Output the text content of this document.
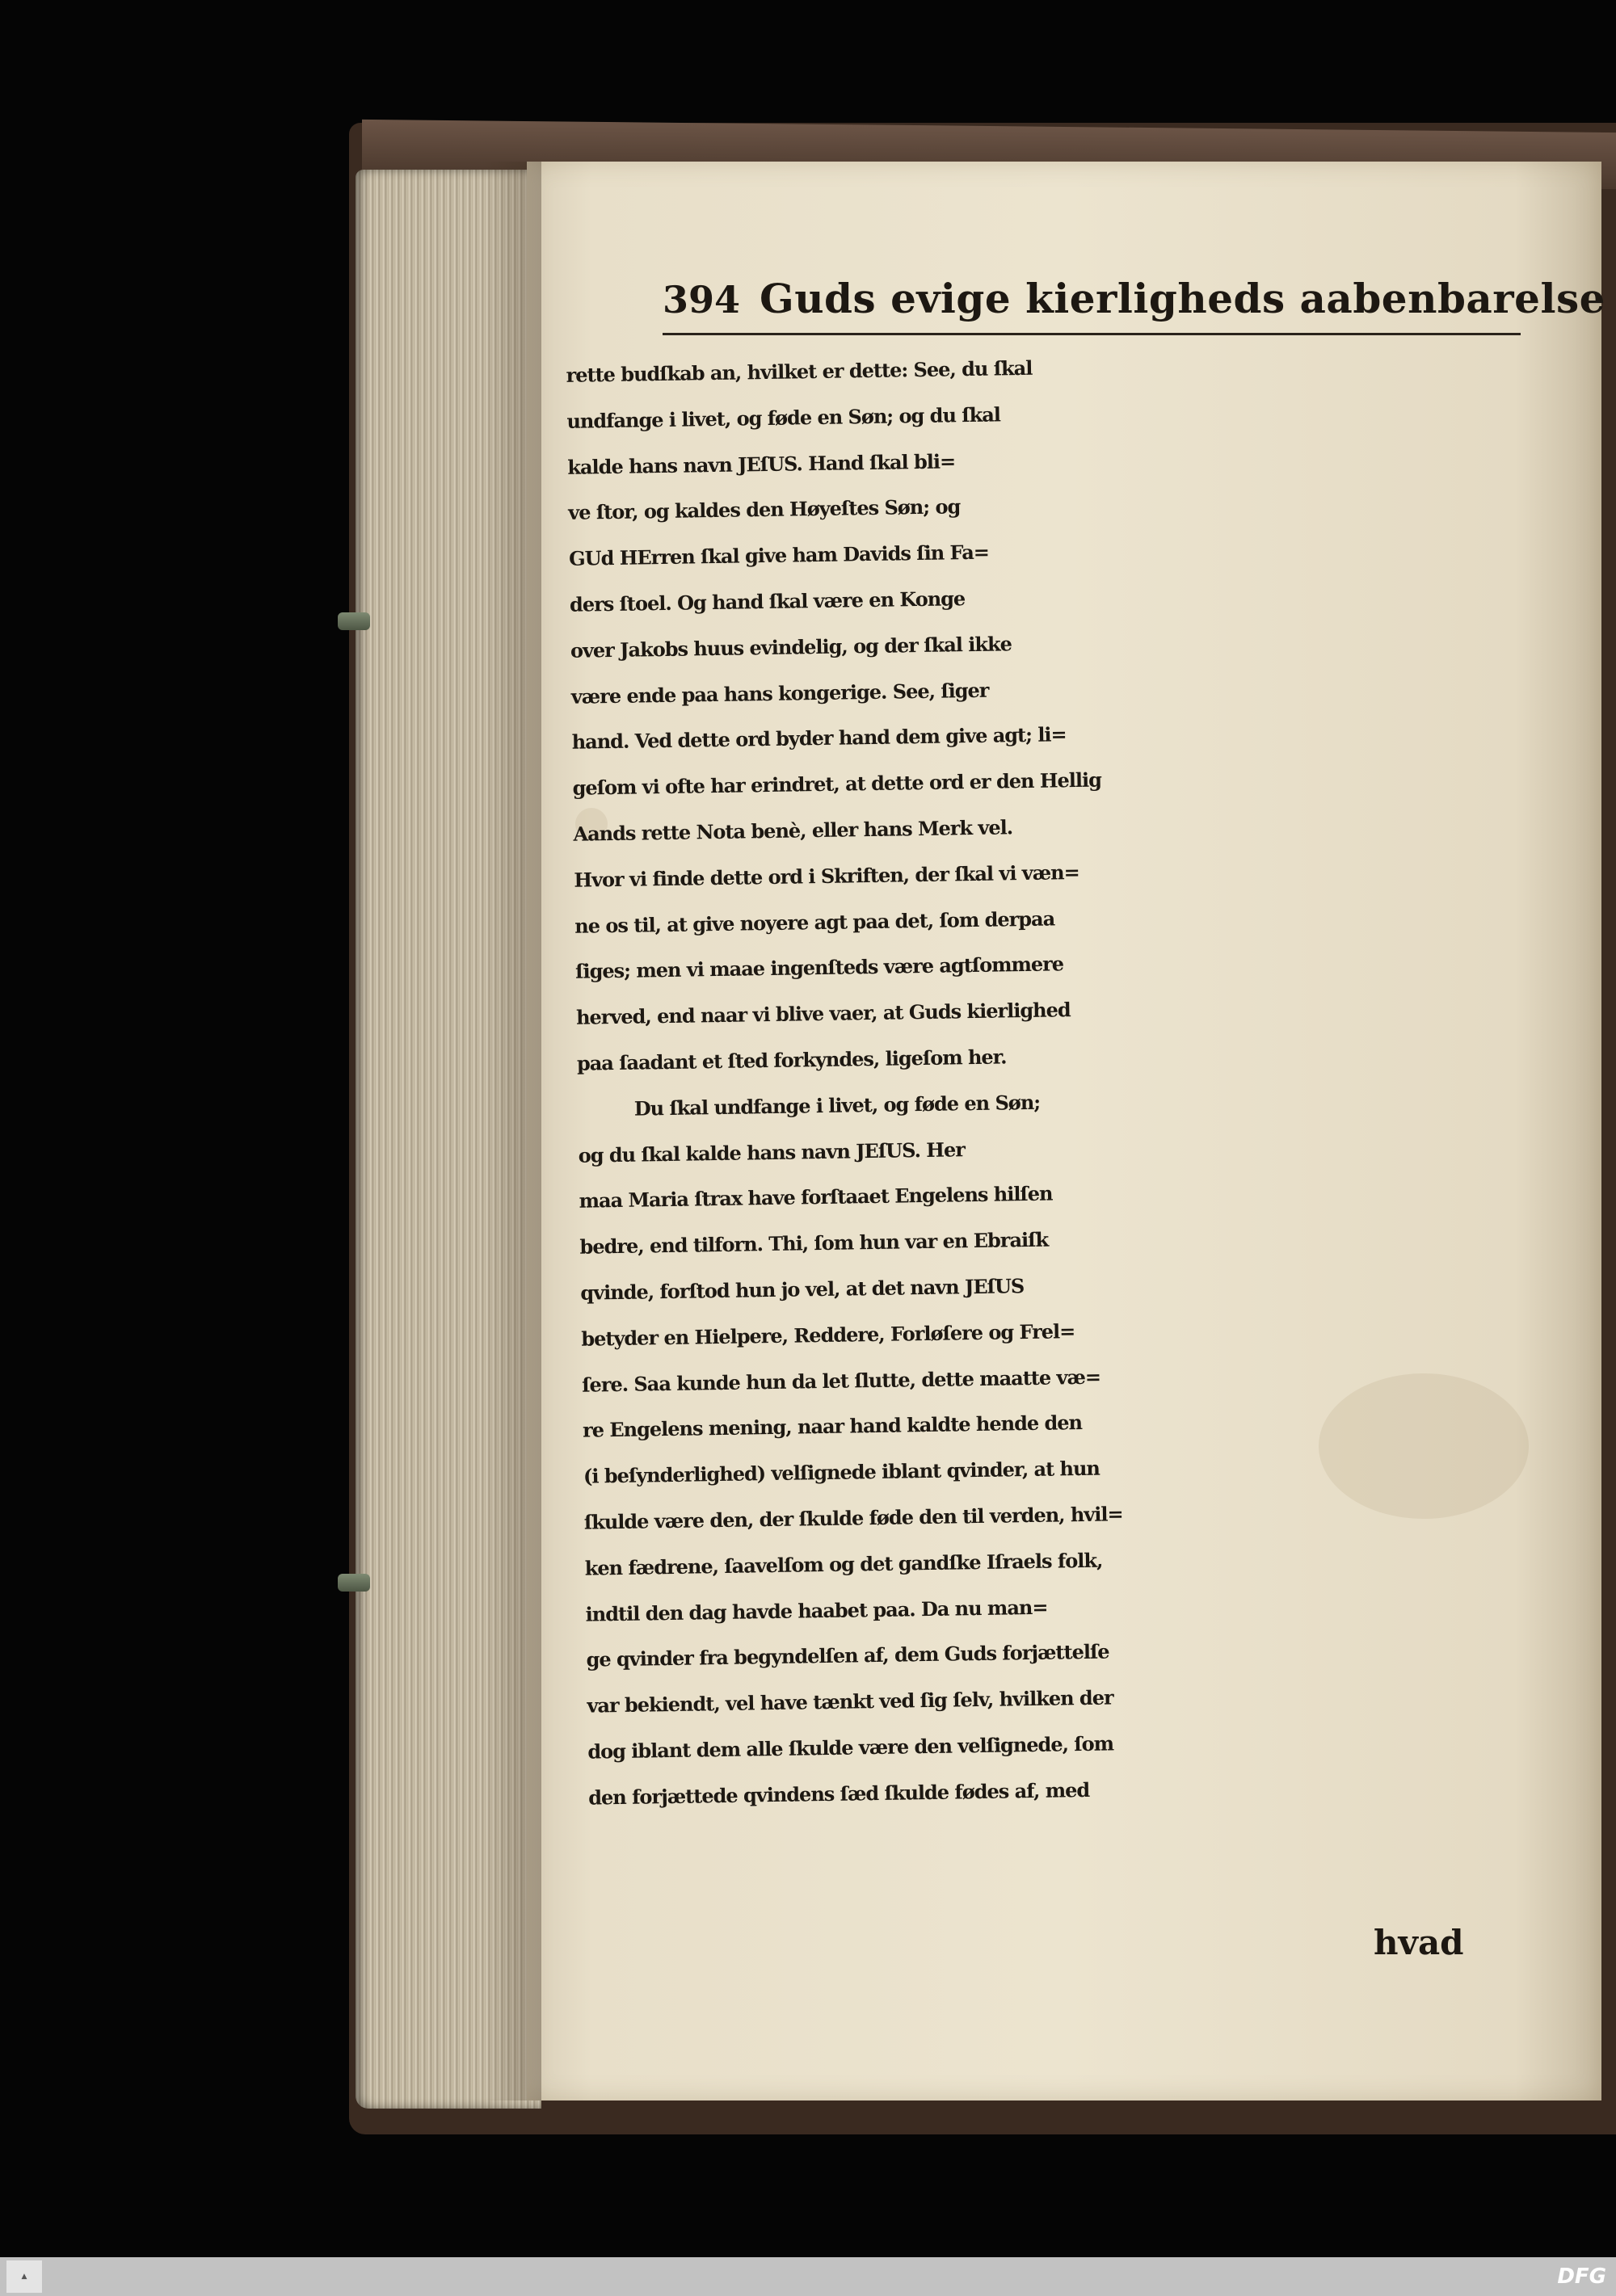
394 Guds evige kierligheds aabenbarelse
rette budſkab an, hvilket er dette: See, du ſkal
undfange i livet, og føde en Søn; og du ſkal
kalde hans navn JEſUS. Hand ſkal bli=
ve ſtor, og kaldes den Høyeſtes Søn; og
GUd HErren ſkal give ham Davids ſin Fa=
ders ſtoel. Og hand ſkal være en Konge
over Jakobs huus evindelig, og der ſkal ikke
være ende paa hans kongerige. See, ſiger
hand. Ved dette ord byder hand dem give agt; li=
geſom vi ofte har erindret, at dette ord er den Hellig
Aands rette Nota benè, eller hans Merk vel.
Hvor vi finde dette ord i Skriften, der ſkal vi væn=
ne os til, at give noyere agt paa det, ſom derpaa
ſiges; men vi maae ingenſteds være agtſommere
herved, end naar vi blive vaer, at Guds kierlighed
paa ſaadant et ſted forkyndes, ligeſom her.
Du ſkal undfange i livet, og føde en Søn;
og du ſkal kalde hans navn JEſUS. Her
maa Maria ſtrax have forſtaaet Engelens hilſen
bedre, end tilforn. Thi, ſom hun var en Ebraiſk
qvinde, forſtod hun jo vel, at det navn JEſUS
betyder en Hielpere, Reddere, Forløſere og Frel=
ſere. Saa kunde hun da let ſlutte, dette maatte væ=
re Engelens mening, naar hand kaldte hende den
(i beſynderlighed) velſignede iblant qvinder, at hun
ſkulde være den, der ſkulde føde den til verden, hvil=
ken fædrene, ſaavelſom og det gandſke Iſraels folk,
indtil den dag havde haabet paa. Da nu man=
ge qvinder fra begyndelſen af, dem Guds forjættelſe
var bekiendt, vel have tænkt ved ſig ſelv, hvilken der
dog iblant dem alle ſkulde være den velſignede, ſom
den forjættede qvindens ſæd ſkulde fødes af, med
hvad
▲	DFG
